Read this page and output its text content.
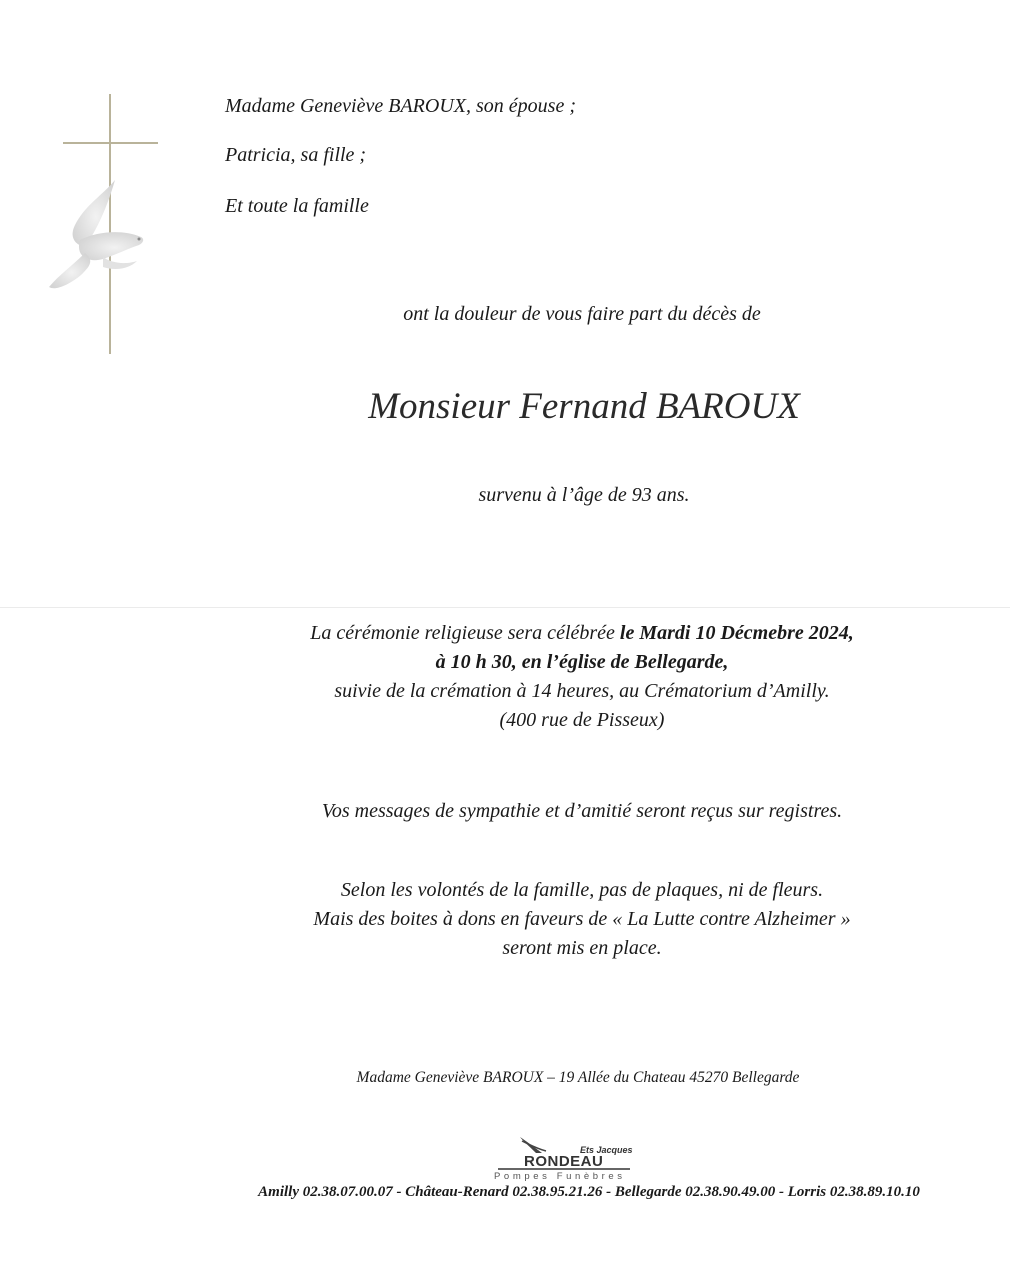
Madame Geneviève BAROUX, son épouse ;
Patricia, sa fille ;
Et toute la famille
ont la douleur de vous faire part du décès de
Monsieur Fernand BAROUX
survenu à l’âge de 93 ans.
La cérémonie religieuse sera célébrée le Mardi 10 Décmebre 2024,
à 10 h 30, en l’église de Bellegarde,
suivie de la crémation à 14 heures, au Crématorium d’Amilly.
(400 rue de Pisseux)
Vos messages de sympathie et d’amitié seront reçus sur registres.
Selon les volontés de la famille, pas de plaques, ni de fleurs.
Mais des boites à dons en faveurs de « La Lutte contre Alzheimer »
seront mis en place.
Madame Geneviève BAROUX – 19 Allée du Chateau 45270 Bellegarde
Ets Jacques
RONDEAU
Pompes Funèbres
Amilly 02.38.07.00.07 - Château-Renard 02.38.95.21.26 - Bellegarde 02.38.90.49.00 - Lorris 02.38.89.10.10
